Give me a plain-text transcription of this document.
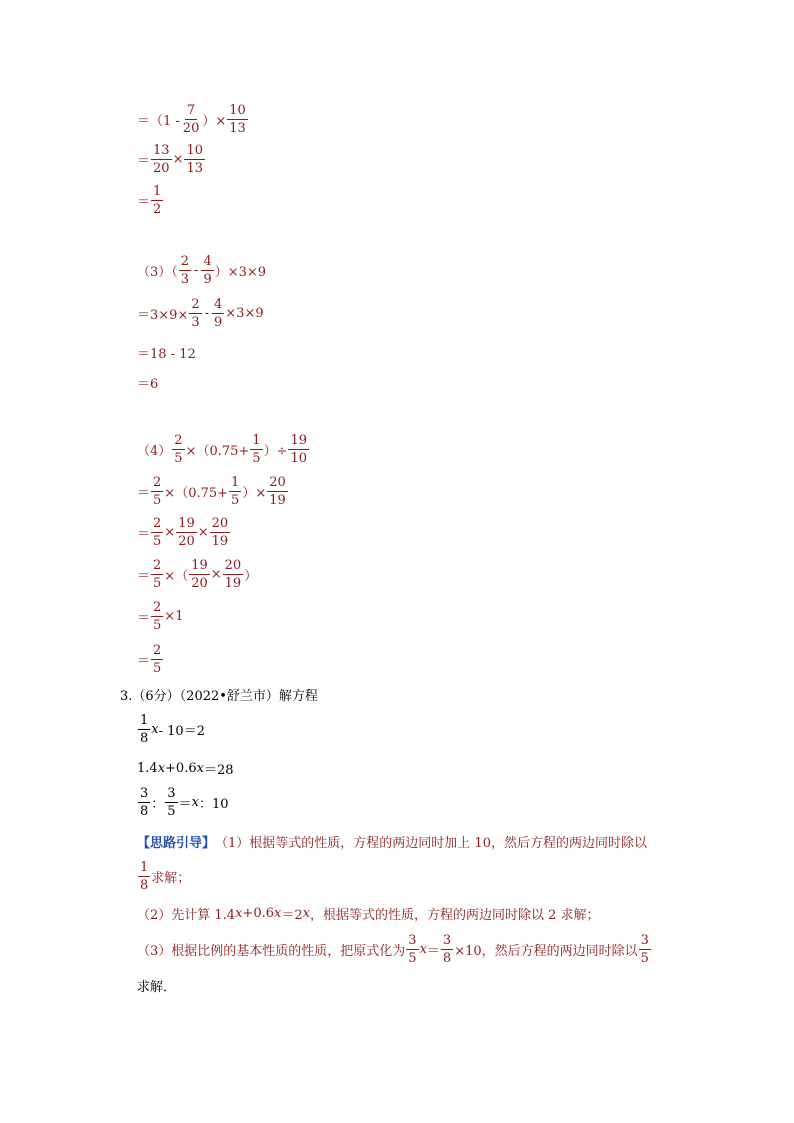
$=(1 - \frac{7}{20}$ ）× $\frac{10}{13}$
＝ $\frac{13}{20} \times \frac{10}{13}$
＝ $\frac{1}{2}$
$(3)( \frac{2}{3} - \frac{4}{9} )\times 3\times 9$
$=3\times 9\times \frac{2}{3} - \frac{4}{9} \times 3\times 9$
＝18 - 12
＝6
$(4) \frac{2}{5} \times(0.75+ \frac{1}{5}$ ）÷ $\frac{19}{10}$
＝ $\frac{2}{5} \times(0.75+ \frac{1}{5}$ ）× $\frac{20}{19}$
＝ $\frac{2}{5} \times \frac{19}{20} \times \frac{20}{19}$
＝ $\frac{2}{5}$ ×（ $\frac{19}{20} \times \frac{20}{19}$ ）
＝ $\frac{2}{5} \times 1$
＝ $\frac{2}{5}$
3.（6分）（2022•舒兰市）解方程
$\frac{1}{8}$ x - 10＝2
1.4 x +0.6 x ＝28
$\frac{3}{8}$ ： $\frac{3}{5} = x$ ：10
【思路引导】 （1）根据等式的性质，方程的两边同时加上 10，然后方程的两边同时除以
$\frac{1}{8}$ 求解；
（2）先计算 1.4 x +0.6 x ＝2 x ，根据等式的性质，方程的两边同时除以 2 求解；
（3）根据比例的基本性质的性质，把原式化为 $\frac{3}{5}$ $x = \frac{3}{8} \times 10$，然后方程的两边同时除以 $\frac{3}{5}$
求解．
